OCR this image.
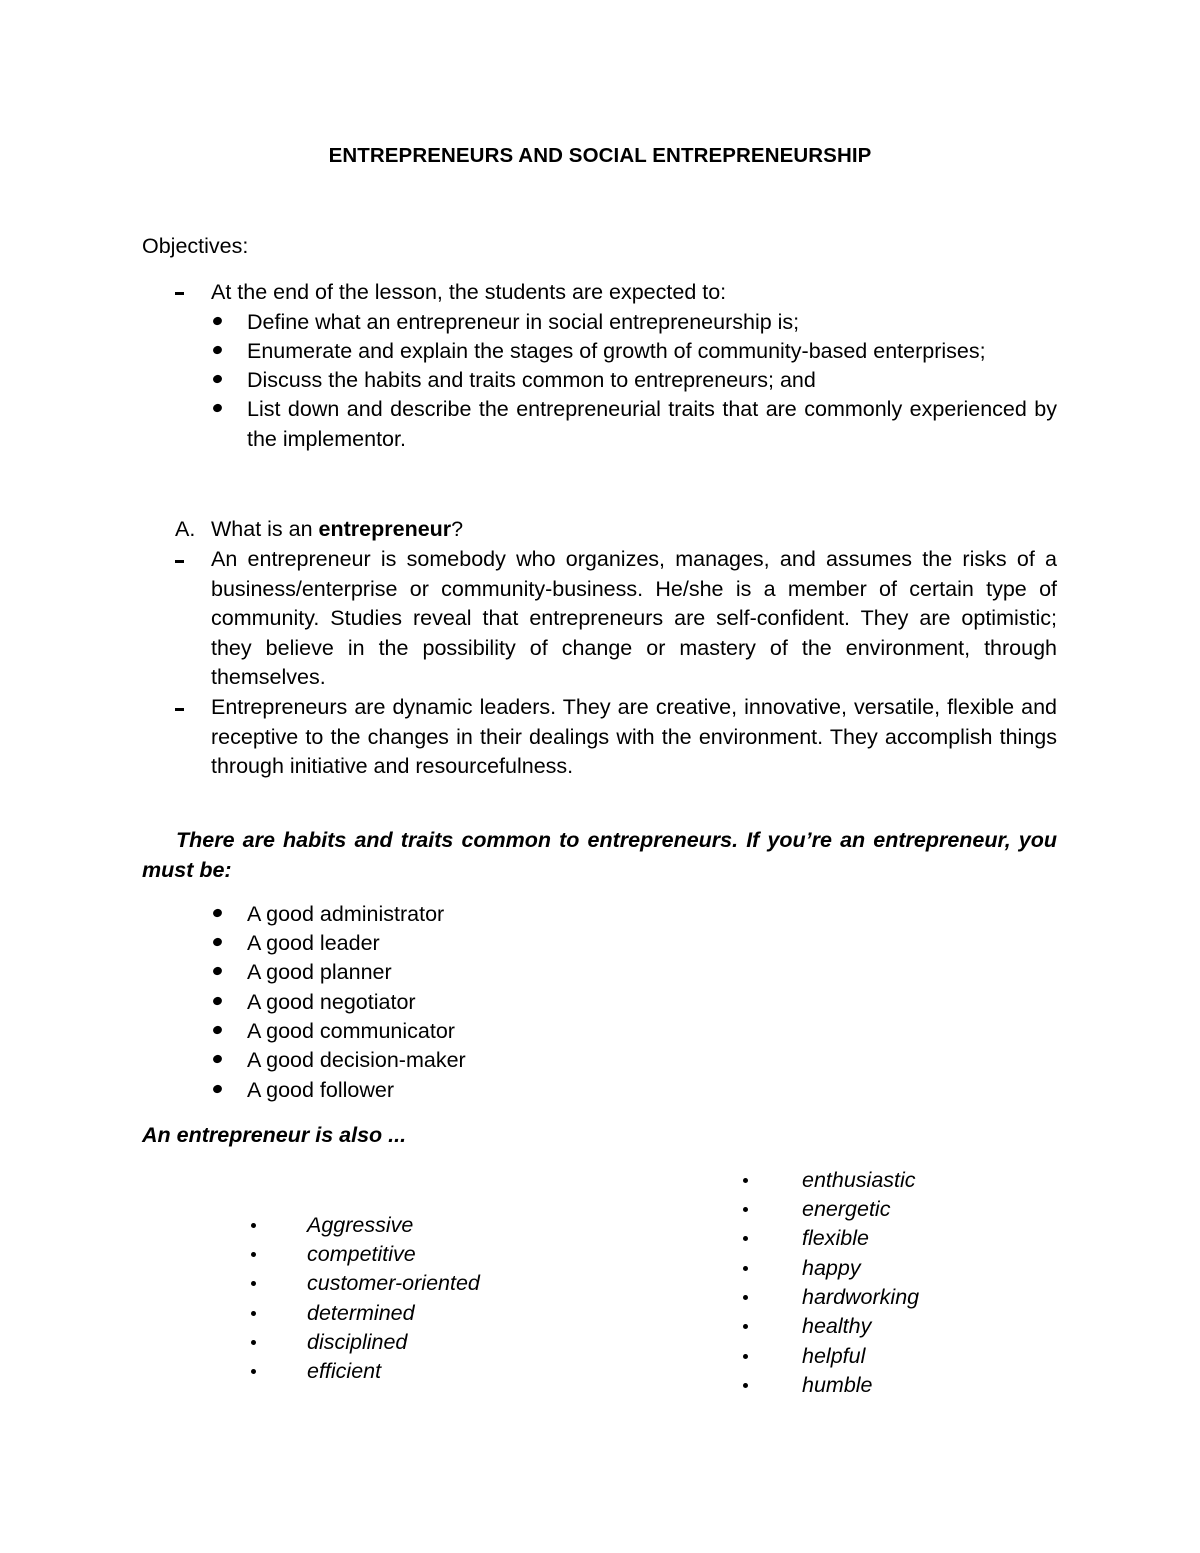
ENTREPRENEURS AND SOCIAL ENTREPRENEURSHIP
Objectives:
At the end of the lesson, the students are expected to:
Define what an entrepreneur in social entrepreneurship is;
Enumerate and explain the stages of growth of community-based enterprises;
Discuss the habits and traits common to entrepreneurs; and
List down and describe the entrepreneurial traits that are commonly experienced by the implementor.
A. What is an entrepreneur?
An entrepreneur is somebody who organizes, manages, and assumes the risks of a business/enterprise or community-business. He/she is a member of certain type of community. Studies reveal that entrepreneurs are self-confident. They are optimistic; they believe in the possibility of change or mastery of the environment, through themselves.
Entrepreneurs are dynamic leaders. They are creative, innovative, versatile, flexible and receptive to the changes in their dealings with the environment. They accomplish things through initiative and resourcefulness.
There are habits and traits common to entrepreneurs. If you’re an entrepreneur, you must be:
A good administrator
A good leader
A good planner
A good negotiator
A good communicator
A good decision-maker
A good follower
An entrepreneur is also ...
Aggressive
competitive
customer-oriented
determined
disciplined
efficient
enthusiastic
energetic
flexible
happy
hardworking
healthy
helpful
humble
